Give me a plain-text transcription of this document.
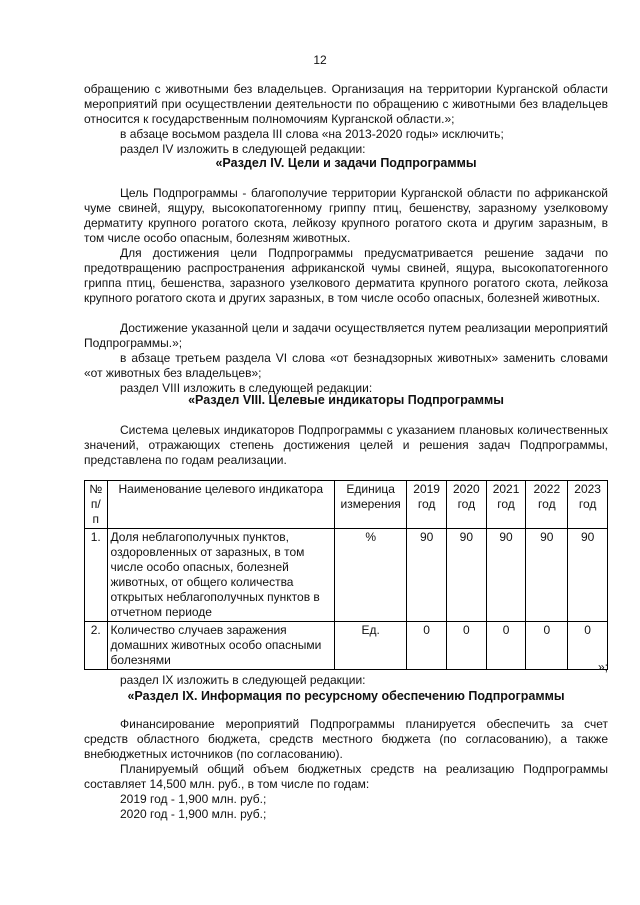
12

обращению с животными без владельцев. Организация на территории Курганской области мероприятий при осуществлении деятельности по обращению с животными без владельцев относится к государственным полномочиям Курганской области.»;

в абзаце восьмом раздела III слова «на 2013-2020 годы» исключить;

раздел IV изложить в следующей редакции:

«Раздел IV. Цели и задачи Подпрограммы

Цель Подпрограммы - благополучие территории Курганской области по африканской чуме свиней, ящуру, высокопатогенному гриппу птиц, бешенству, заразному узелковому дерматиту крупного рогатого скота, лейкозу крупного рогатого скота и другим заразным, в том числе особо опасным, болезням животных.

Для достижения цели Подпрограммы предусматривается решение задачи по предотвращению распространения африканской чумы свиней, ящура, высокопатогенного гриппа птиц, бешенства, заразного узелкового дерматита крупного рогатого скота, лейкоза крупного рогатого скота и других заразных, в том числе особо опасных, болезней животных.

Достижение указанной цели и задачи осуществляется путем реализации мероприятий Подпрограммы.»;

в абзаце третьем раздела VI слова «от безнадзорных животных» заменить словами «от животных без владельцев»;

раздел VIII изложить в следующей редакции:

«Раздел VIII. Целевые индикаторы Подпрограммы

Система целевых индикаторов Подпрограммы с указанием плановых количественных значений, отражающих степень достижения целей и решения задач Подпрограммы, представлена по годам реализации.

№ п/п	Наименование целевого индикатора	Единица измерения	2019 год	2020 год	2021 год	2022 год	2023 год
1.	Доля неблагополучных пунктов, оздоровленных от заразных, в том числе особо опасных, болезней животных, от общего количества открытых неблагополучных пунктов в отчетном периоде	%	90	90	90	90	90
2.	Количество случаев заражения домашних животных особо опасными болезнями	Ед.	0	0	0	0	0
»;

раздел IX изложить в следующей редакции:

«Раздел IX. Информация по ресурсному обеспечению Подпрограммы

Финансирование мероприятий Подпрограммы планируется обеспечить за счет средств областного бюджета, средств местного бюджета (по согласованию), а также внебюджетных источников (по согласованию).

Планируемый общий объем бюджетных средств на реализацию Подпрограммы составляет 14,500 млн. руб., в том числе по годам:

2019 год - 1,900 млн. руб.;

2020 год - 1,900 млн. руб.;
